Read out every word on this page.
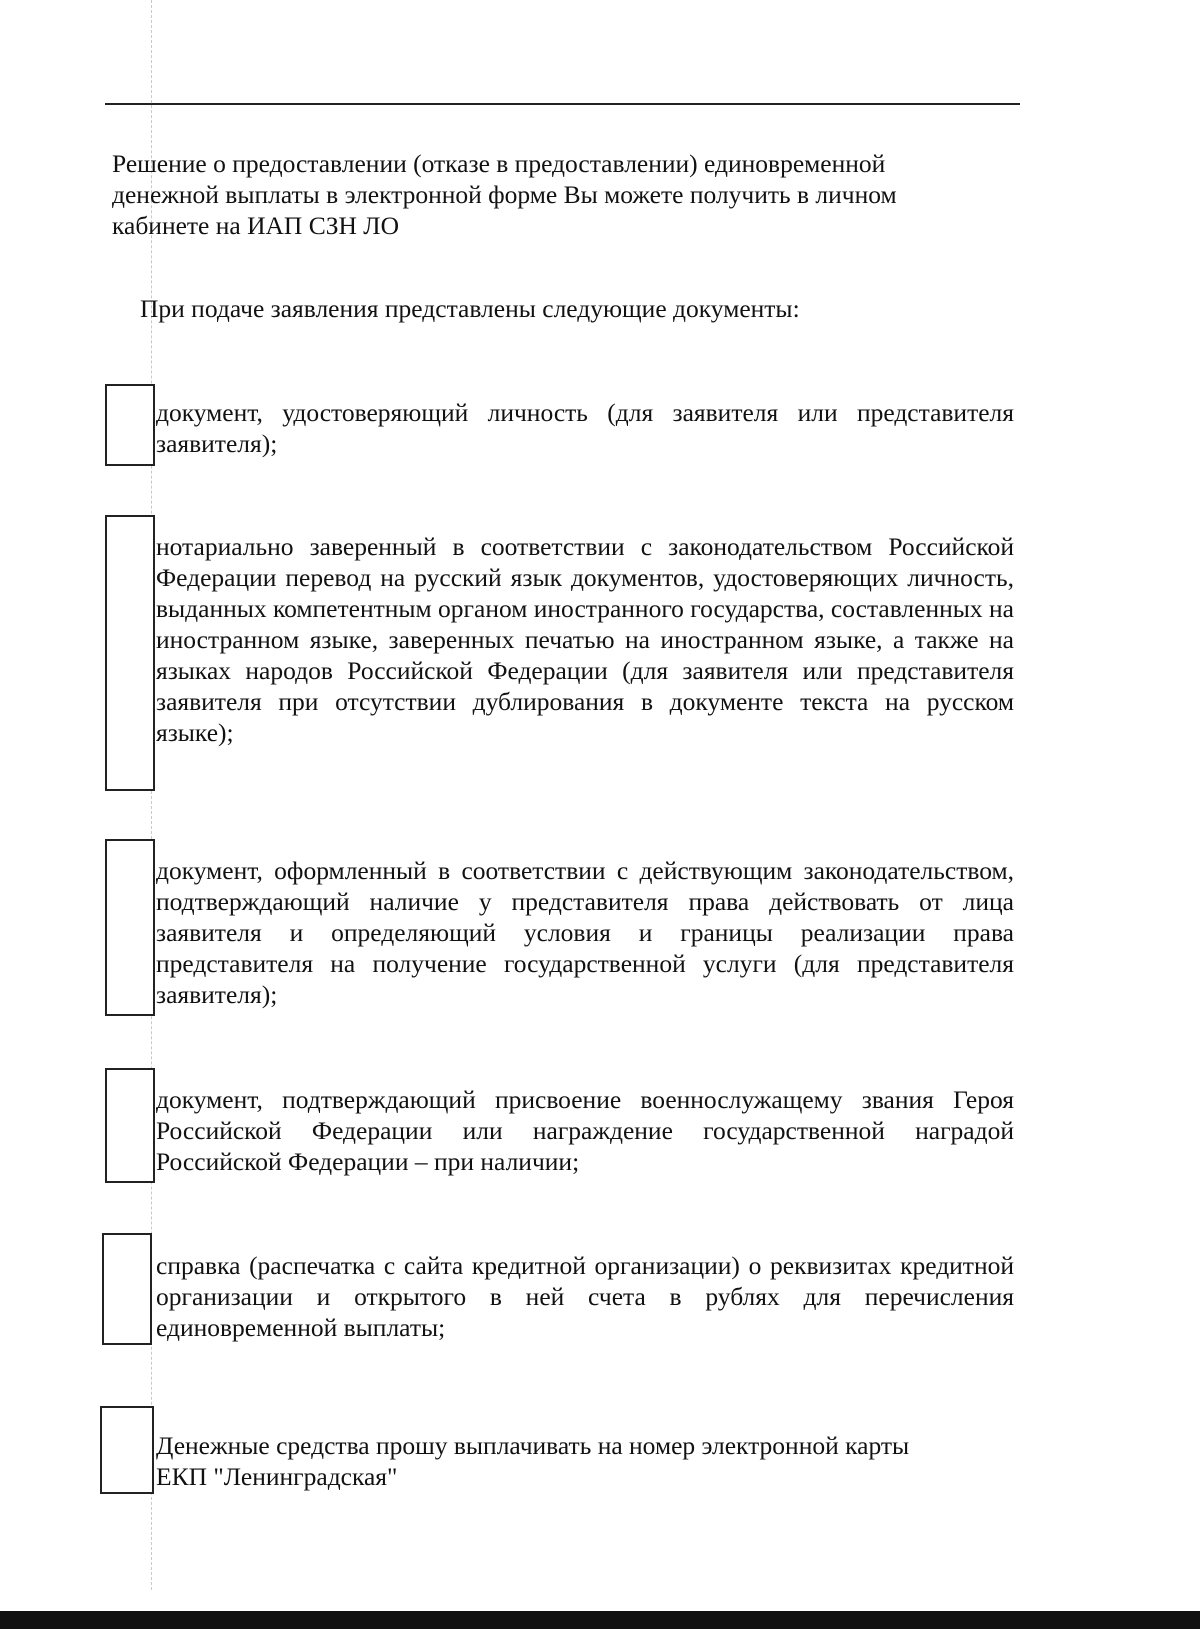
Решение о предоставлении (отказе в предоставлении) единовременной
денежной выплаты в электронной форме Вы можете получить в личном
кабинете на ИАП СЗН ЛО

При подаче заявления представлены следующие документы:

документ, удостоверяющий личность (для заявителя или представителя заявителя);

нотариально заверенный в соответствии с законодательством Российской Федерации перевод на русский язык документов, удостоверяющих личность, выданных компетентным органом иностранного государства, составленных на иностранном языке, заверенных печатью на иностранном языке, а также на языках народов Российской Федерации (для заявителя или представителя заявителя при отсутствии дублирования в документе текста на русском языке);

документ, оформленный в соответствии с действующим законодательством, подтверждающий наличие у представителя права действовать от лица заявителя и определяющий условия и границы реализации права представителя на получение государственной услуги (для представителя заявителя);

документ, подтверждающий присвоение военнослужащему звания Героя Российской Федерации или награждение государственной наградой Российской Федерации – при наличии;

справка (распечатка с сайта кредитной организации) о реквизитах кредитной организации и открытого в ней счета в рублях для перечисления единовременной выплаты;

Денежные средства прошу выплачивать на номер электронной карты ЕКП "Ленинградская"
